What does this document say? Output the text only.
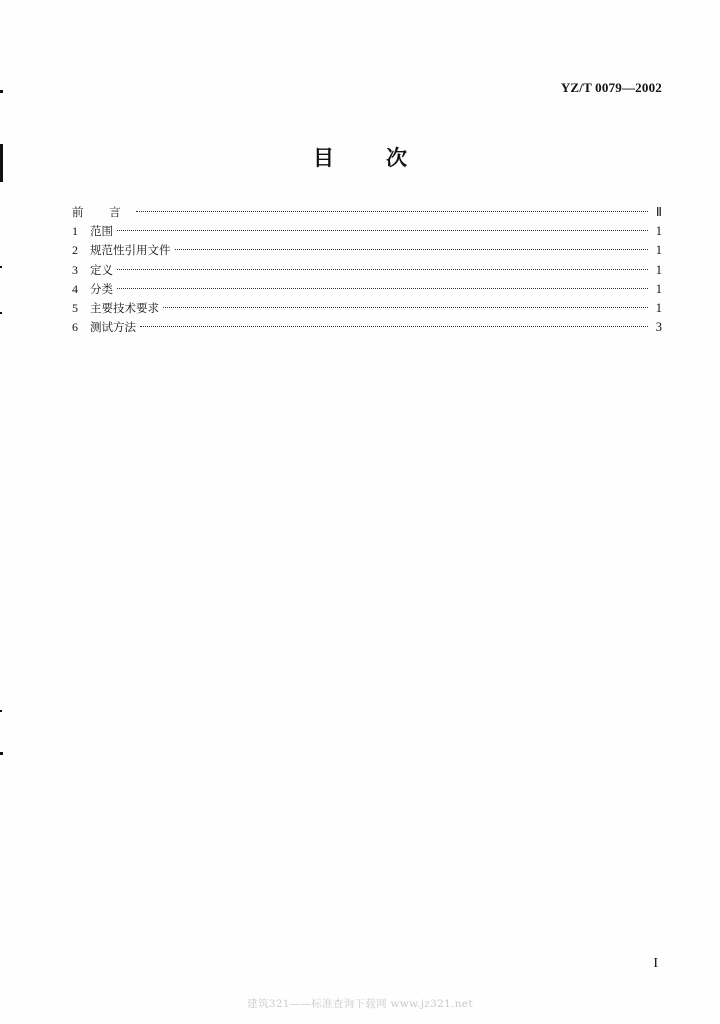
YZ/T 0079—2002
目次
前 言	Ⅱ
1	范围	1
2	规范性引用文件	1
3	定义	1
4	分类	1
5	主要技术要求	1
6	测试方法	3
I
建筑321——标准查询下载网 www.jz321.net
